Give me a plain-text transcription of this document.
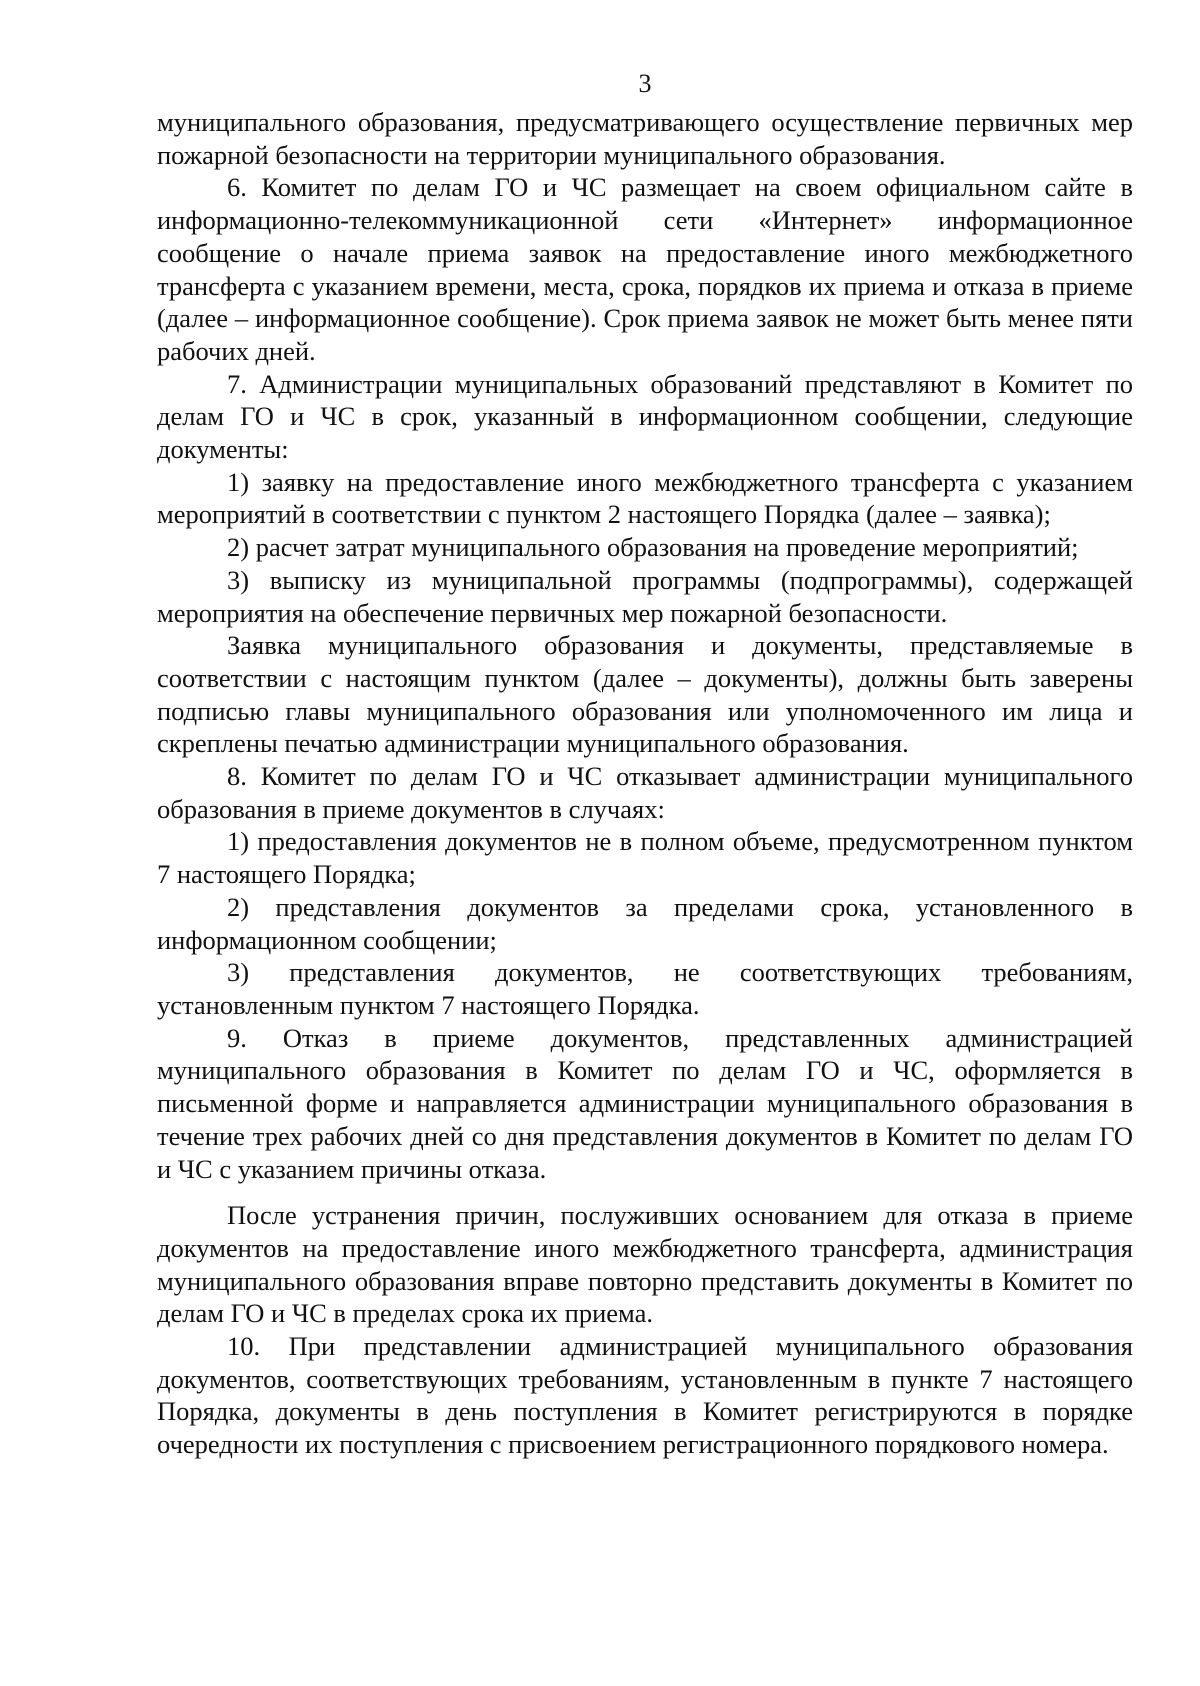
3

муниципального образования, предусматривающего осуществление первичных мер пожарной безопасности на территории муниципального образования.

6. Комитет по делам ГО и ЧС размещает на своем официальном сайте в информационно-телекоммуникационной сети «Интернет» информационное сообщение о начале приема заявок на предоставление иного межбюджетного трансферта с указанием времени, места, срока, порядков их приема и отказа в приеме (далее – информационное сообщение). Срок приема заявок не может быть менее пяти рабочих дней.

7. Администрации муниципальных образований представляют в Комитет по делам ГО и ЧС в срок, указанный в информационном сообщении, следующие документы:

1) заявку на предоставление иного межбюджетного трансферта с указанием мероприятий в соответствии с пунктом 2 настоящего Порядка (далее – заявка);

2) расчет затрат муниципального образования на проведение мероприятий;

3) выписку из муниципальной программы (подпрограммы), содержащей мероприятия на обеспечение первичных мер пожарной безопасности.

Заявка муниципального образования и документы, представляемые в соответствии с настоящим пунктом (далее – документы), должны быть заверены подписью главы муниципального образования или уполномоченного им лица и скреплены печатью администрации муниципального образования.

8. Комитет по делам ГО и ЧС отказывает администрации муниципального образования в приеме документов в случаях:

1) предоставления документов не в полном объеме, предусмотренном пунктом 7 настоящего Порядка;

2) представления документов за пределами срока, установленного в информационном сообщении;

3) представления документов, не соответствующих требованиям, установленным пунктом 7 настоящего Порядка.

9. Отказ в приеме документов, представленных администрацией муниципального образования в Комитет по делам ГО и ЧС, оформляется в письменной форме и направляется администрации муниципального образования в течение трех рабочих дней со дня представления документов в Комитет по делам ГО и ЧС с указанием причины отказа.

После устранения причин, послуживших основанием для отказа в приеме документов на предоставление иного межбюджетного трансферта, администрация муниципального образования вправе повторно представить документы в Комитет по делам ГО и ЧС в пределах срока их приема.

10. При представлении администрацией муниципального образования документов, соответствующих требованиям, установленным в пункте 7 настоящего Порядка, документы в день поступления в Комитет регистрируются в порядке очередности их поступления с присвоением регистрационного порядкового номера.
